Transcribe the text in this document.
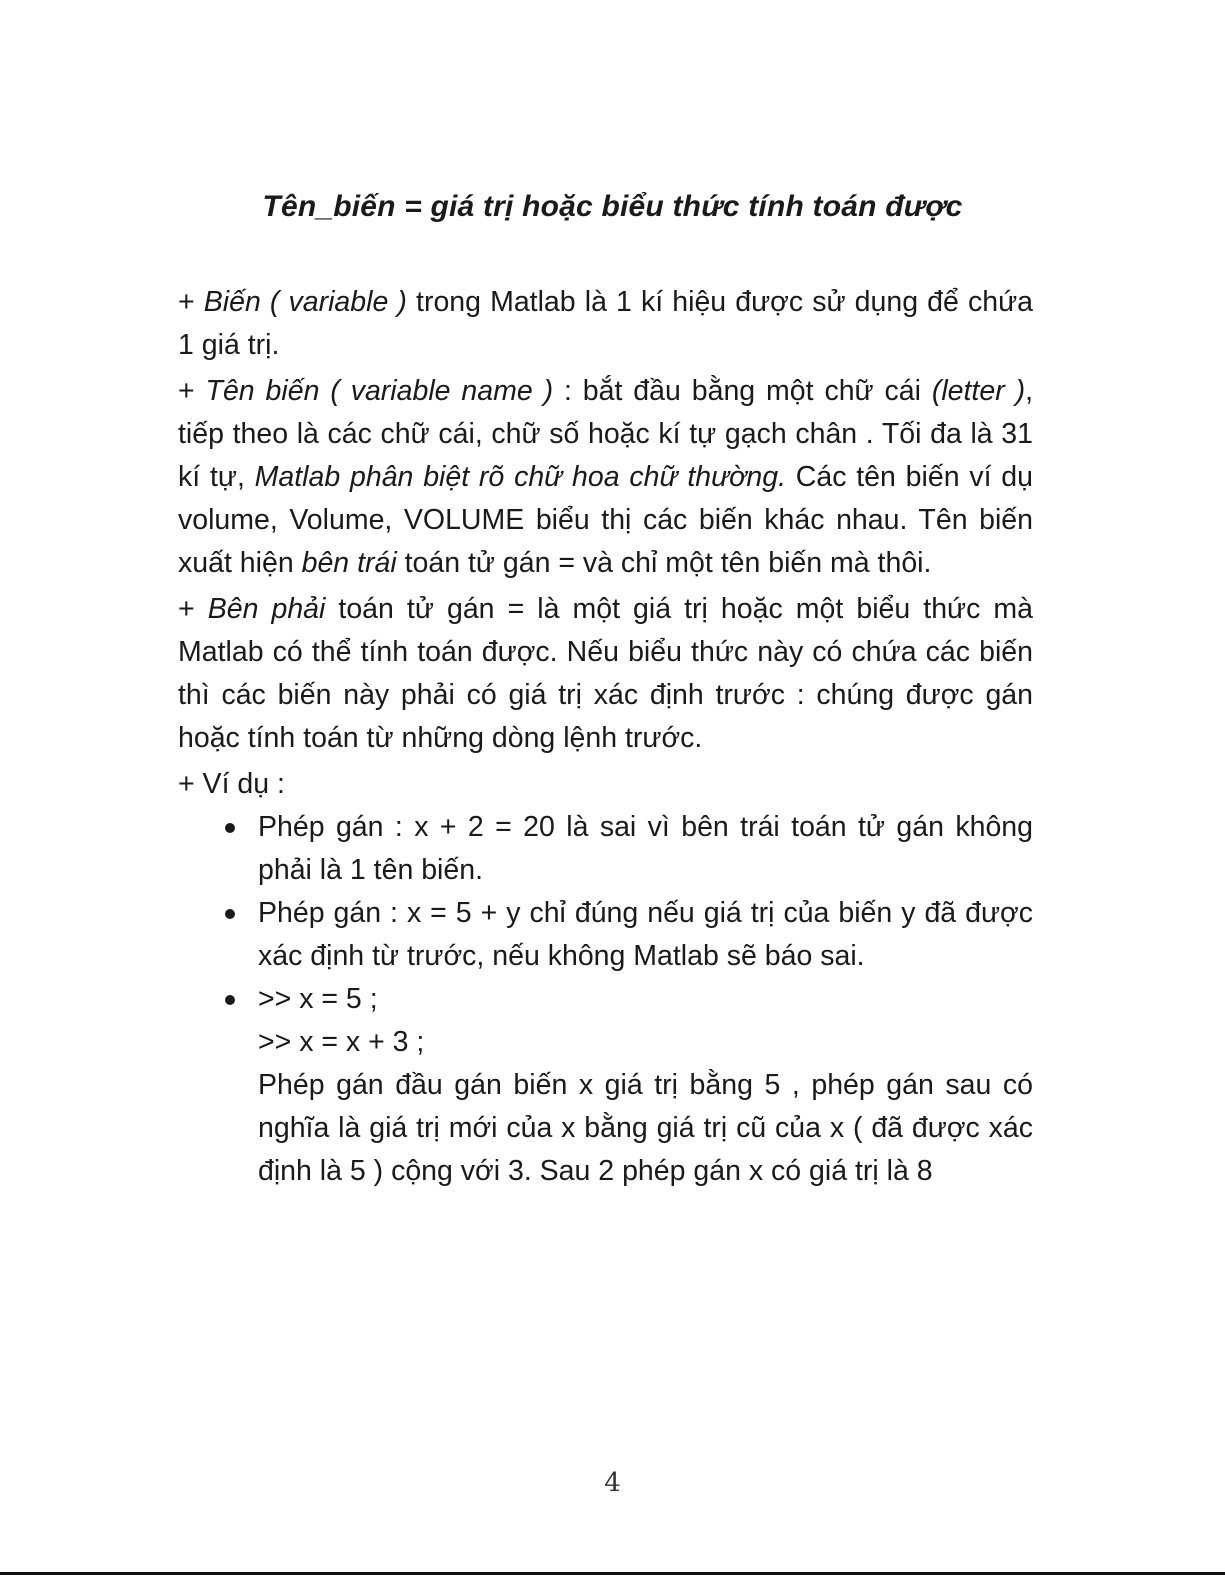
Tên_biến = giá trị hoặc biểu thức tính toán được

+ Biến ( variable ) trong Matlab là 1 kí hiệu được sử dụng để chứa 1 giá trị.

+ Tên biến ( variable name ) : bắt đầu bằng một chữ cái (letter ), tiếp theo là các chữ cái, chữ số hoặc kí tự gạch chân . Tối đa là 31 kí tự, Matlab phân biệt rõ chữ hoa chữ thường. Các tên biến ví dụ volume, Volume, VOLUME biểu thị các biến khác nhau. Tên biến xuất hiện bên trái toán tử gán = và chỉ một tên biến mà thôi.

+ Bên phải toán tử gán = là một giá trị hoặc một biểu thức mà Matlab có thể tính toán được. Nếu biểu thức này có chứa các biến thì các biến này phải có giá trị xác định trước : chúng được gán hoặc tính toán từ những dòng lệnh trước.

+ Ví dụ :

Phép gán : x + 2 = 20 là sai vì bên trái toán tử gán không phải là 1 tên biến.
Phép gán : x = 5 + y chỉ đúng nếu giá trị của biến y đã được xác định từ trước, nếu không Matlab sẽ báo sai.
>> x = 5 ;
>> x = x + 3 ;
Phép gán đầu gán biến x giá trị bằng 5 , phép gán sau có nghĩa là giá trị mới của x bằng giá trị cũ của x ( đã được xác định là 5 ) cộng với 3. Sau 2 phép gán x có giá trị là 8
4
